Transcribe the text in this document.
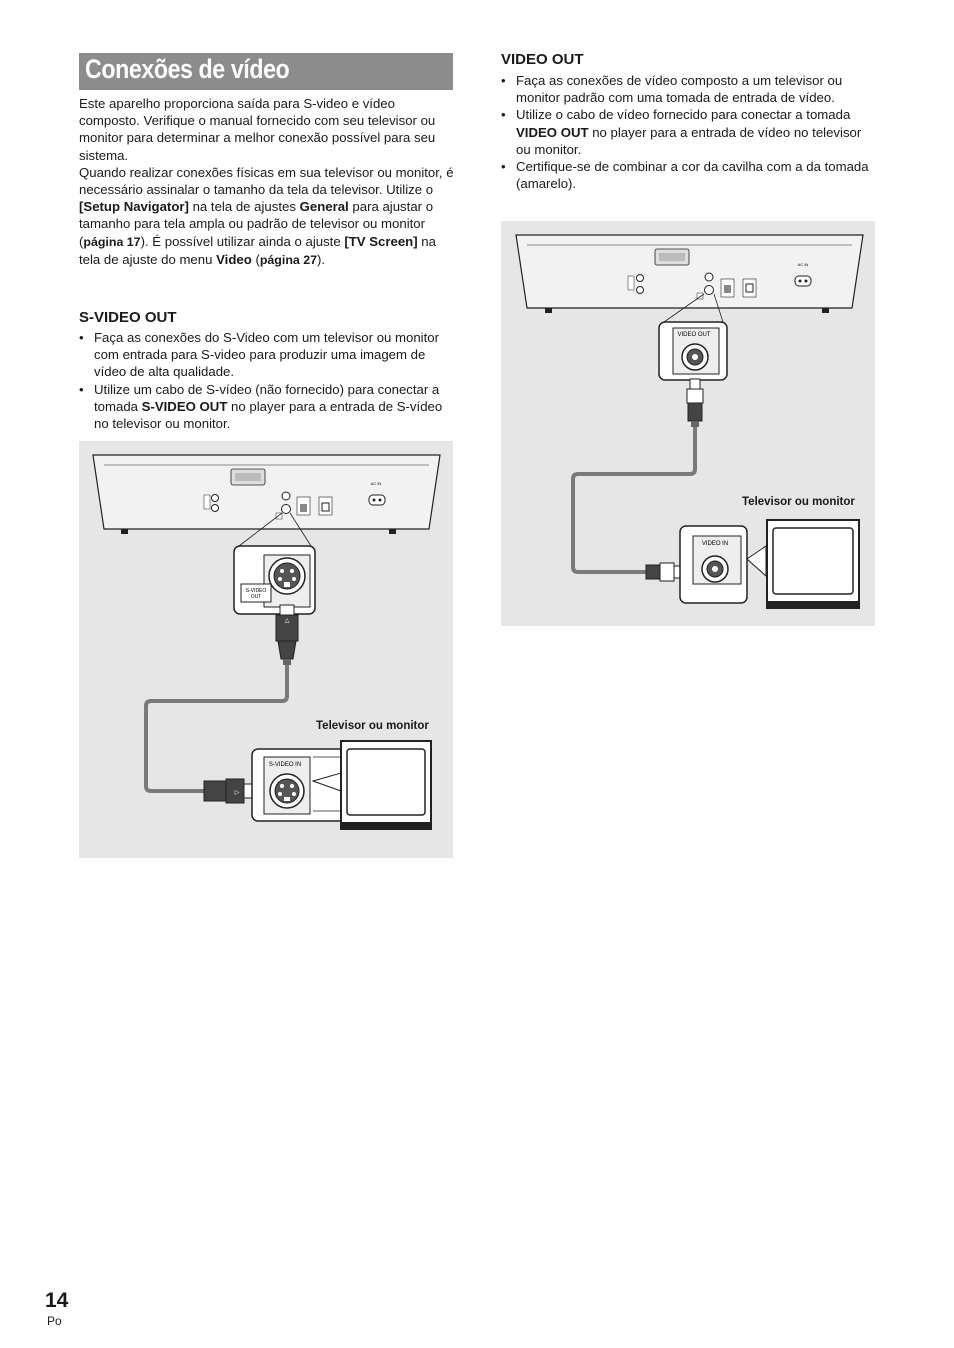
Conexões de vídeo

Este aparelho proporciona saída para S-video e vídeo composto. Verifique o manual fornecido com seu televisor ou monitor para determinar a melhor conexão possível para seu sistema.

Quando realizar conexões físicas em sua televisor ou monitor, é necessário assinalar o tamanho da tela da televisor. Utilize o [Setup Navigator] na tela de ajustes General para ajustar o tamanho para tela ampla ou padrão de televisor ou monitor (página 17). É possível utilizar ainda o ajuste [TV Screen] na tela de ajuste do menu Video (página 27).

S-VIDEO OUT
• Faça as conexões do S-Video com um televisor ou monitor com entrada para S-video para produzir uma imagem de vídeo de alta qualidade.
• Utilize um cabo de S-vídeo (não fornecido) para conectar a tomada S-VIDEO OUT no player para a entrada de S-vídeo no televisor ou monitor.
AC IN
S-VIDEO
OUT
△
▷
S-VIDEO IN
Televisor ou monitor
VIDEO OUT
• Faça as conexões de vídeo composto a um televisor ou monitor padrão com uma tomada de entrada de vídeo.
• Utilize o cabo de vídeo fornecido para conectar a tomada VIDEO OUT no player para a entrada de vídeo no televisor ou monitor.
• Certifique-se de combinar a cor da cavilha com a da tomada (amarelo).
AC IN
VIDEO OUT
VIDEO IN
Televisor ou monitor
14
Po
